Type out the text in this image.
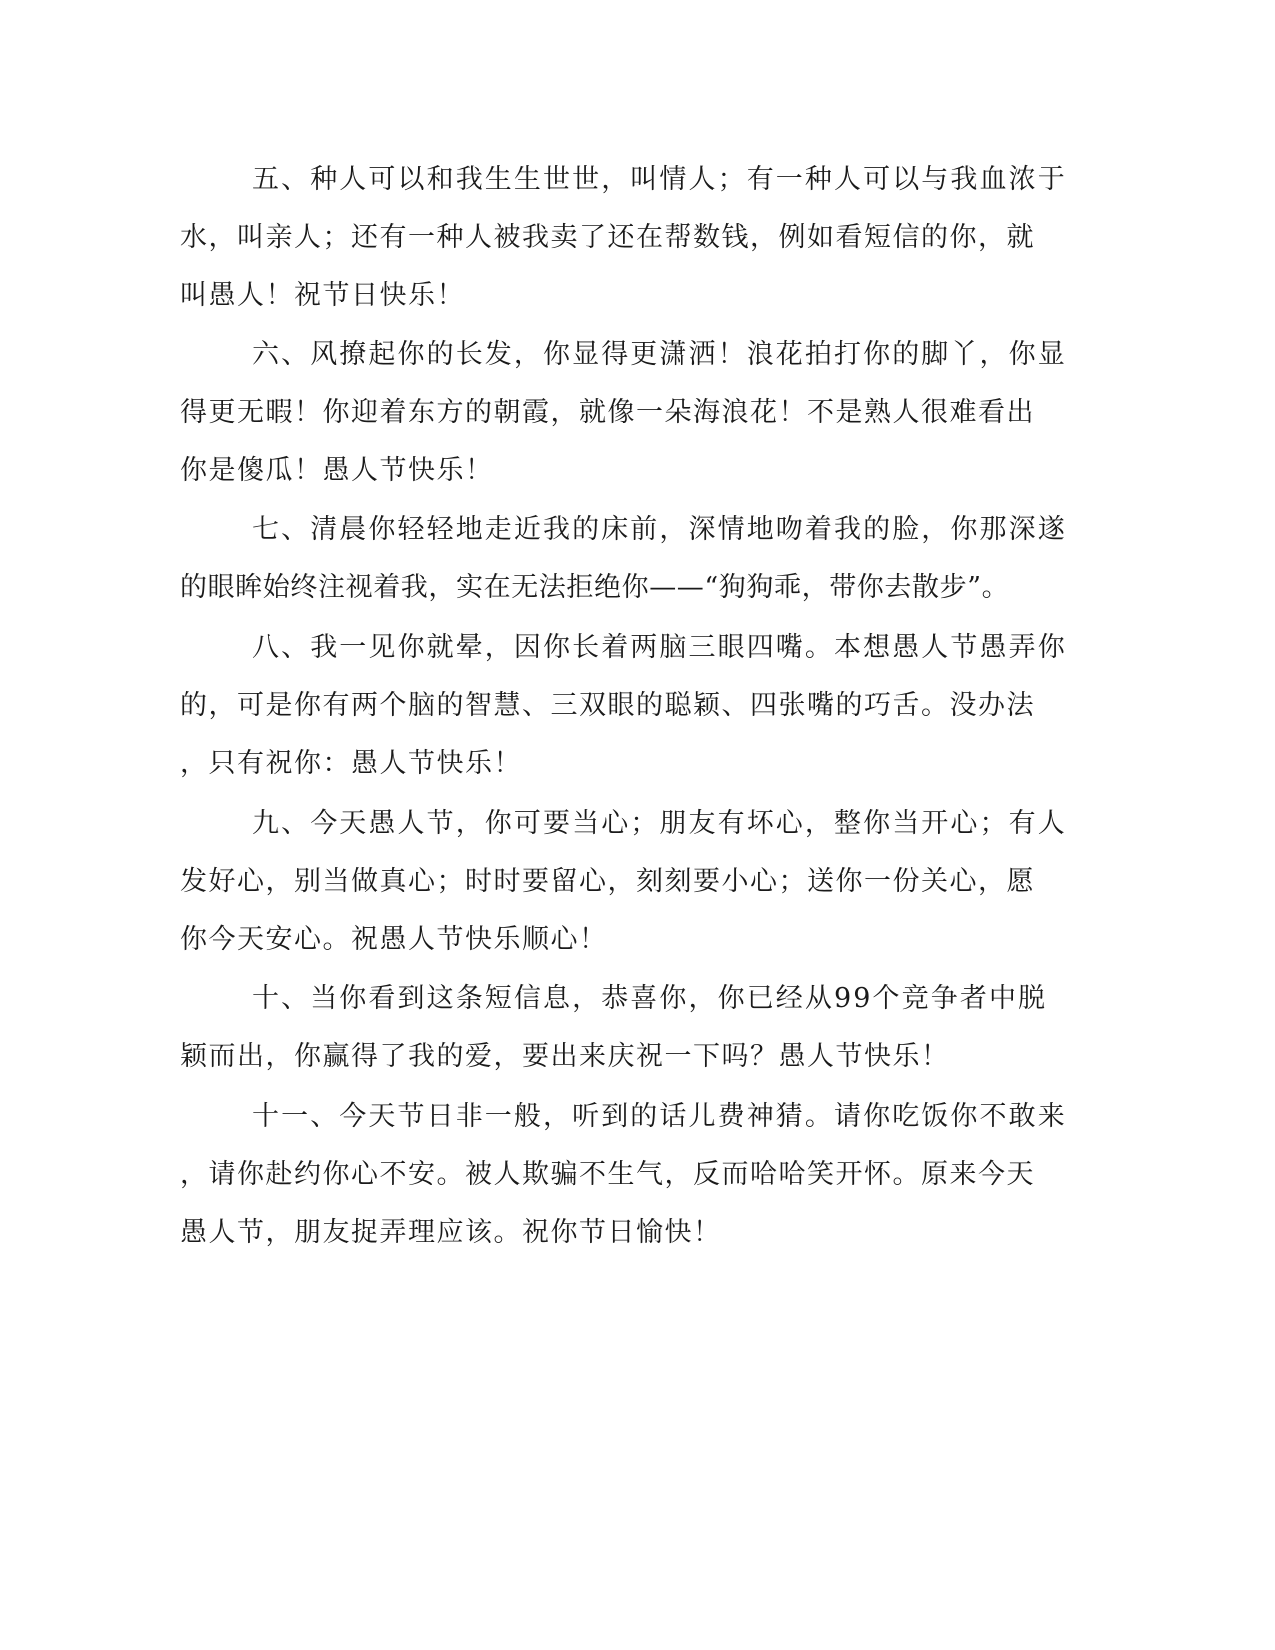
五、种人可以和我生生世世，叫情人；有一种人可以与我血浓于
水，叫亲人；还有一种人被我卖了还在帮数钱，例如看短信的你，就
叫愚人！祝节日快乐！
六、风撩起你的长发，你显得更潇洒！浪花拍打你的脚丫，你显
得更无暇！你迎着东方的朝霞，就像一朵海浪花！不是熟人很难看出
你是傻瓜！愚人节快乐！
七、清晨你轻轻地走近我的床前，深情地吻着我的脸，你那深遂
的眼眸始终注视着我，实在无法拒绝你——“狗狗乖，带你去散步”。
八、我一见你就晕，因你长着两脑三眼四嘴。本想愚人节愚弄你
的，可是你有两个脑的智慧、三双眼的聪颖、四张嘴的巧舌。没办法
，只有祝你：愚人节快乐！
九、今天愚人节，你可要当心；朋友有坏心，整你当开心；有人
发好心，别当做真心；时时要留心，刻刻要小心；送你一份关心，愿
你今天安心。祝愚人节快乐顺心！
十、当你看到这条短信息，恭喜你，你已经从99个竞争者中脱
颖而出，你赢得了我的爱，要出来庆祝一下吗？愚人节快乐！
十一、今天节日非一般，听到的话儿费神猜。请你吃饭你不敢来
，请你赴约你心不安。被人欺骗不生气，反而哈哈笑开怀。原来今天
愚人节，朋友捉弄理应该。祝你节日愉快！
